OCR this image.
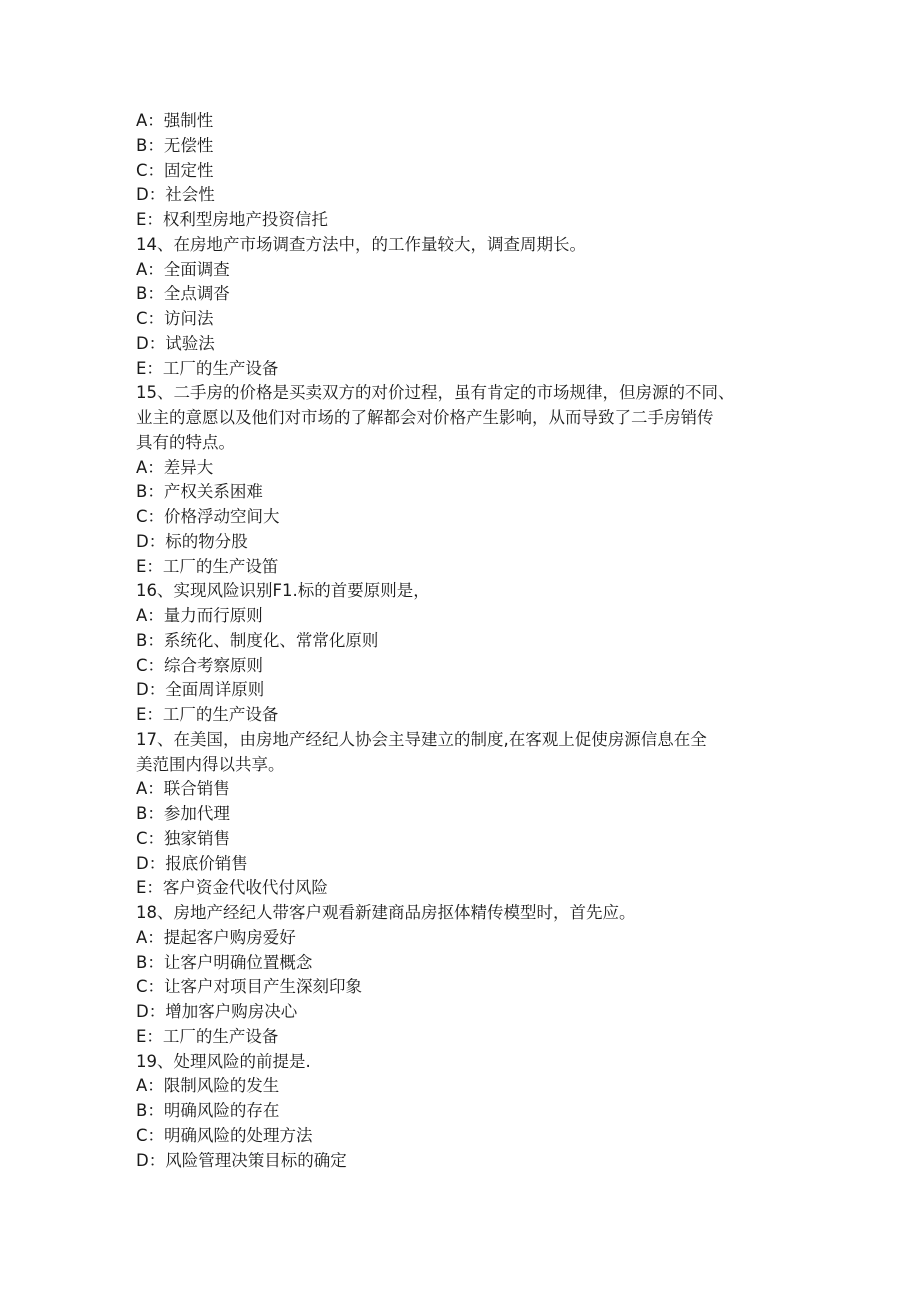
A：强制性
B：无偿性
C：固定性
D：社会性
E：权利型房地产投资信托
14、在房地产市场调查方法中，的工作量较大，调查周期长。
A：全面调查
B：全点调沓
C：访问法
D：试验法
E：工厂的生产设备
15、二手房的价格是买卖双方的对价过程，虽有肯定的市场规律，但房源的不同、
业主的意愿以及他们对市场的了解都会对价格产生影响，从而导致了二手房销传
具有的特点。
A：差异大
B：产权关系困难
C：价格浮动空间大
D：标的物分股
E：工厂的生产设笛
16、实现风险识别F1.标的首要原则是，
A：量力而行原则
B：系统化、制度化、常常化原则
C：综合考察原则
D：全面周详原则
E：工厂的生产设备
17、在美国，由房地产经纪人协会主导建立的制度,在客观上促使房源信息在全
美范围内得以共享。
A：联合销售
B：参加代理
C：独家销售
D：报底价销售
E：客户资金代收代付风险
18、房地产经纪人带客户观看新建商品房抠体精传模型时，首先应。
A：提起客户购房爱好
B：让客户明确位置概念
C：让客户对项目产生深刻印象
D：增加客户购房决心
E：工厂的生产设备
19、处理风险的前提是.
A：限制风险的发生
B：明确风险的存在
C：明确风险的处理方法
D：风险管理决策目标的确定
